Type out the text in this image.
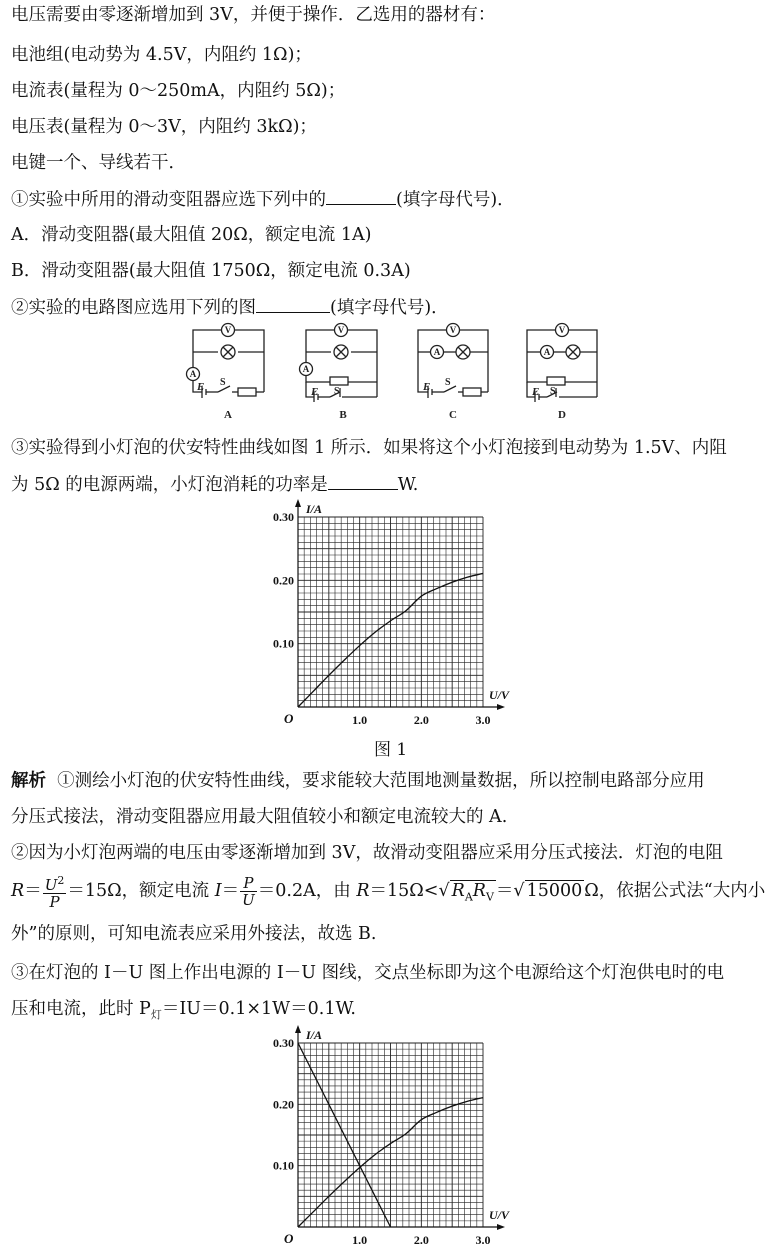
电压需要由零逐渐增加到 3V，并便于操作．乙选用的器材有：
电池组(电动势为 4.5V，内阻约 1Ω)；
电流表(量程为 0～250mA，内阻约 5Ω)；
电压表(量程为 0～3V，内阻约 3kΩ)；
电键一个、导线若干．
①实验中所用的滑动变阻器应选下列中的	(填字母代号)．
A．滑动变阻器(最大阻值 20Ω，额定电流 1A)
B．滑动变阻器(最大阻值 1750Ω，额定电流 0.3A)
②实验的电路图应选用下列的图	(填字母代号)．
V
A
V
A
V
A
V
A
E	E	E	E
S
S
S
S
A	B	C	D
③实验得到小灯泡的伏安特性曲线如图 1 所示．如果将这个小灯泡接到电动势为 1.5V、内阻
为 5Ω 的电源两端，小灯泡消耗的功率是	W.
1.0	2.0	3.0
0.10
0.20
0.30
O
U/V
I/A
图 1
解析 ①测绘小灯泡的伏安特性曲线，要求能较大范围地测量数据，所以控制电路部分应用
分压式接法，滑动变阻器应用最大阻值较小和额定电流较大的 A.
②因为小灯泡两端的电压由零逐渐增加到 3V，故滑动变阻器应采用分压式接法．灯泡的电阻
$R= \frac{U^2}{P} =15\Omega$，额定电流 $I= \frac{P}{U} =0.2A$，由 R＝15Ω<√ $R_AR_V$ ＝√ 15000 Ω，依据公式法“大内小
外”的原则，可知电流表应采用外接法，故选 B.
③在灯泡的 I－U 图上作出电源的 I－U 图线，交点坐标即为这个电源给这个灯泡供电时的电
压和电流，此时 $P_灯=IU=0.1\times 1W=0.1W$.
1.0	2.0	3.0
0.10
0.20
0.30
O
U/V
I/A
